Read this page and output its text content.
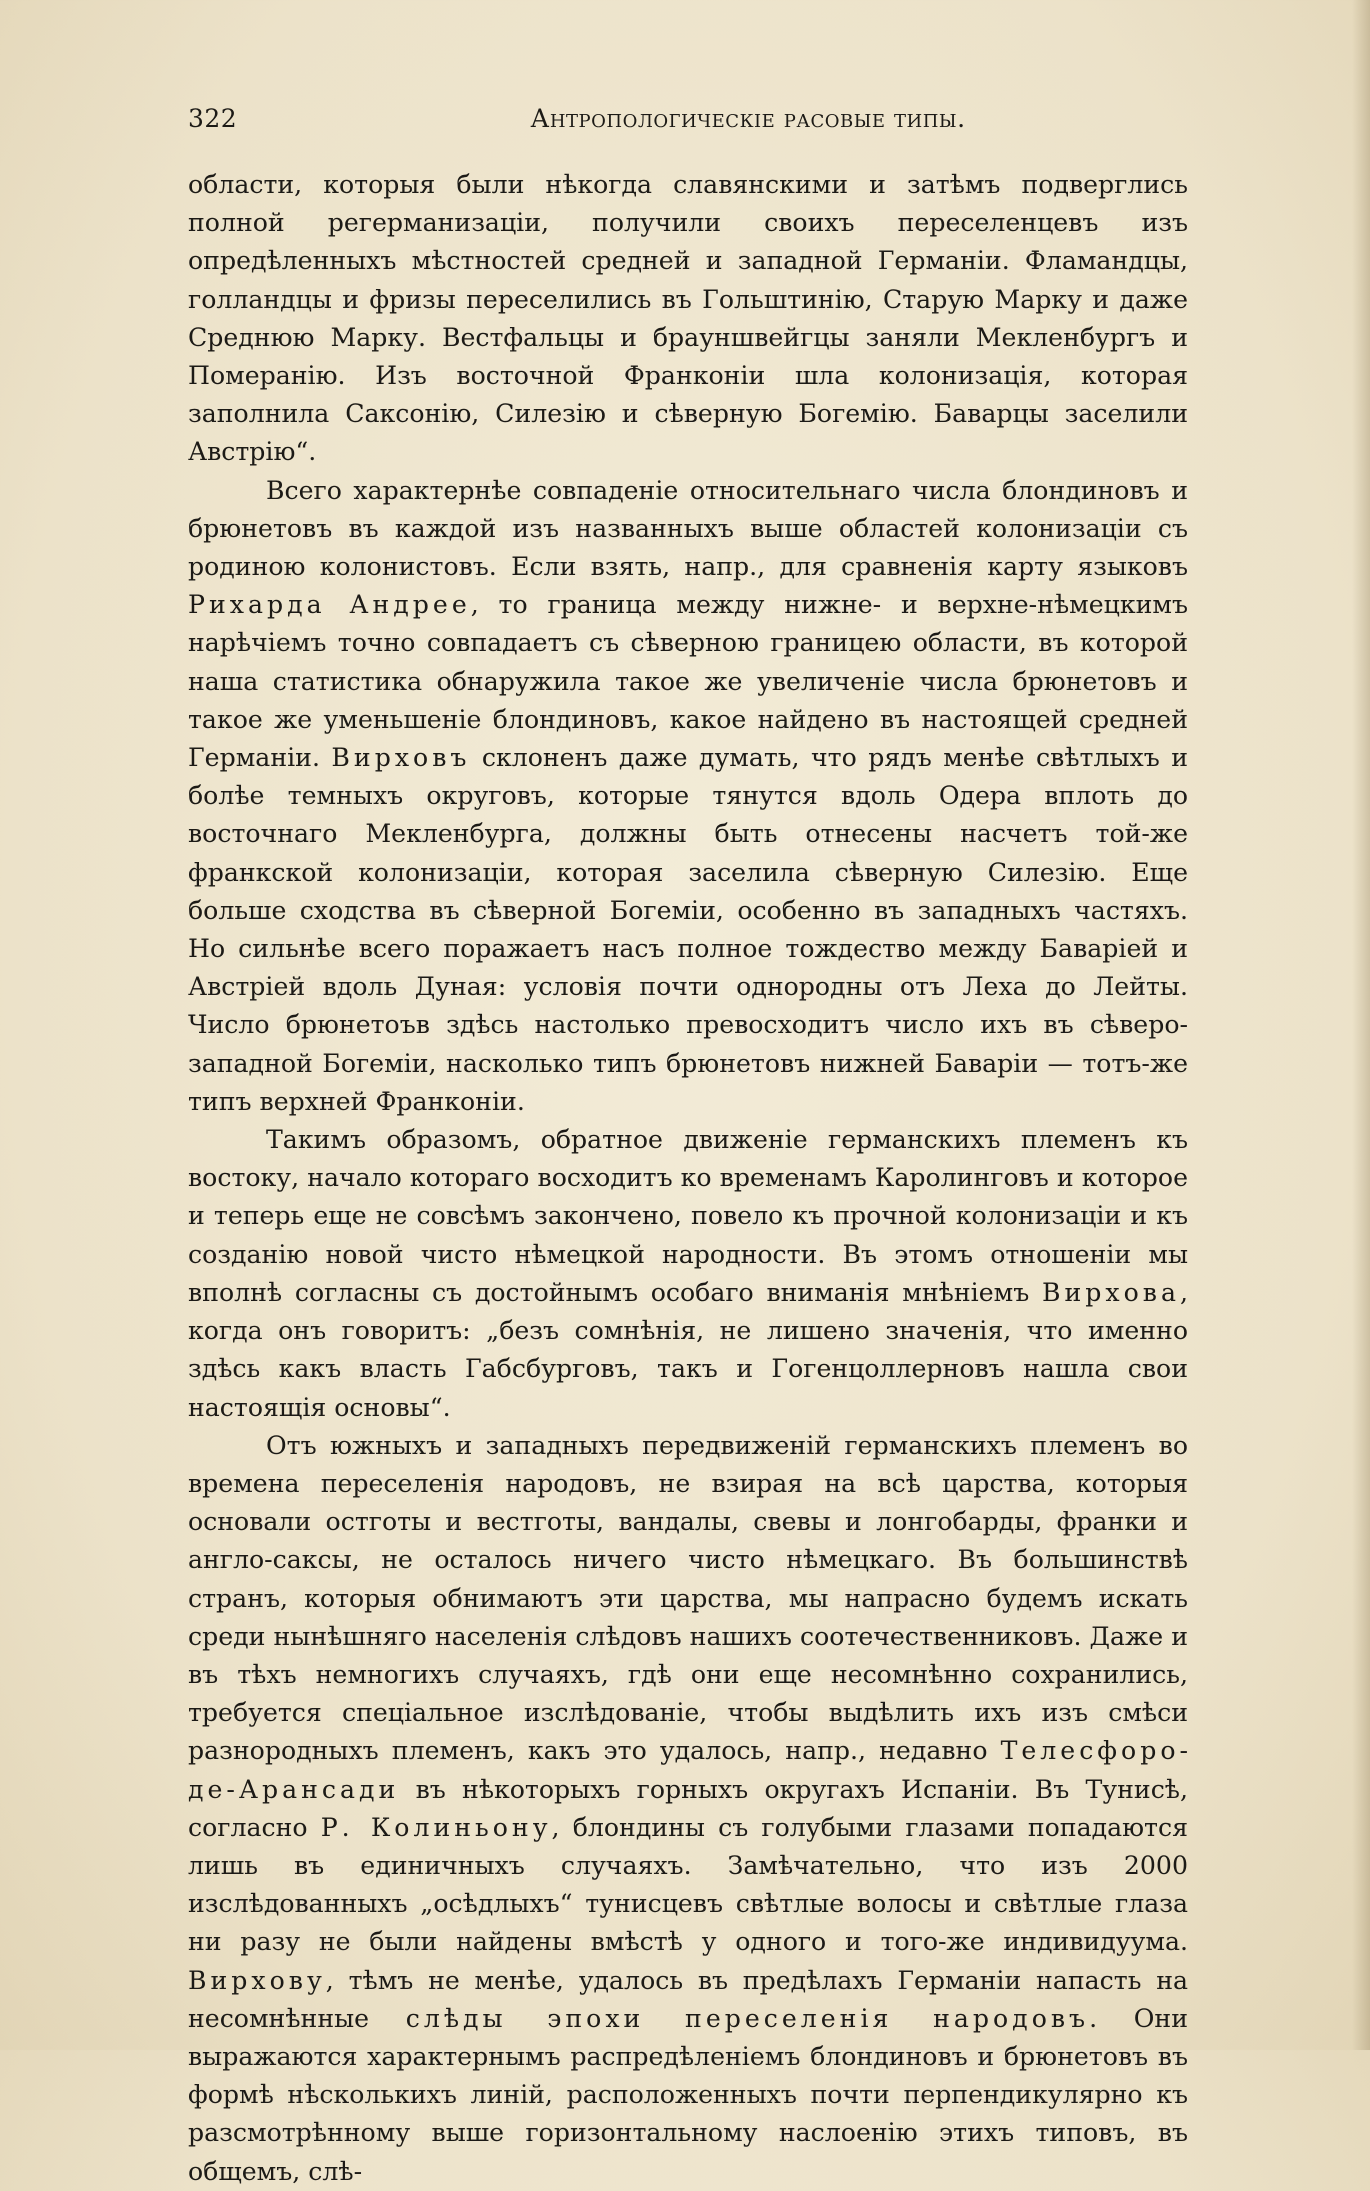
322	Антропологическiе расовые типы.

области, которыя были нѣкогда славянскими и затѣмъ подверглись полной регерманизацiи, получили своихъ переселенцевъ изъ опредѣленныхъ мѣстностей средней и западной Германiи. Фламандцы, голландцы и фризы переселились въ Гольштинiю, Старую Марку и даже Среднюю Марку. Вестфальцы и брауншвейгцы заняли Мекленбургъ и Померанiю. Изъ восточной Франконiи шла колонизацiя, которая заполнила Саксонiю, Силезiю и сѣверную Богемiю. Баварцы заселили Австрiю“.

Всего характернѣе совпаденiе относительнаго числа блондиновъ и брюнетовъ въ каждой изъ названныхъ выше областей колонизацiи съ родиною колонистовъ. Если взять, напр., для сравненiя карту языковъ Рихарда Андрее, то граница между нижне- и верхне-нѣмецкимъ нарѣчiемъ точно совпадаетъ съ сѣверною границею области, въ которой наша статистика обнаружила такое же увеличенiе числа брюнетовъ и такое же уменьшенiе блондиновъ, какое найдено въ настоящей средней Германiи. Вирховъ склоненъ даже думать, что рядъ менѣе свѣтлыхъ и болѣе темныхъ округовъ, которые тянутся вдоль Одера вплоть до восточнаго Мекленбурга, должны быть отнесены насчетъ той-же франкской колонизацiи, которая заселила сѣверную Силезiю. Еще больше сходства въ сѣверной Богемiи, особенно въ западныхъ частяхъ. Но сильнѣе всего поражаетъ насъ полное тождество между Баварiей и Австрiей вдоль Дуная: условiя почти однородны отъ Леха до Лейты. Число брюнетоъв здѣсь настолько превосходитъ число ихъ въ сѣверо-западной Богемiи, насколько типъ брюнетовъ нижней Баварiи — тотъ-же типъ верхней Франконiи.

Такимъ образомъ, обратное движенiе германскихъ племенъ къ востоку, начало котораго восходитъ ко временамъ Каролинговъ и которое и теперь еще не совсѣмъ закончено, повело къ прочной колонизацiи и къ созданiю новой чисто нѣмецкой народности. Въ этомъ отношенiи мы вполнѣ согласны съ достойнымъ особаго вниманiя мнѣнiемъ Вирхова, когда онъ говоритъ: „безъ сомнѣнiя, не лишено значенiя, что именно здѣсь какъ власть Габсбурговъ, такъ и Гогенцоллерновъ нашла свои настоящiя основы“.

Отъ южныхъ и западныхъ передвиженiй германскихъ племенъ во времена переселенiя народовъ, не взирая на всѣ царства, которыя основали остготы и вестготы, вандалы, свевы и лонгобарды, франки и англо-саксы, не осталось ничего чисто нѣмецкаго. Въ большинствѣ странъ, которыя обнимаютъ эти царства, мы напрасно будемъ искать среди нынѣшняго населенiя слѣдовъ нашихъ соотечественниковъ. Даже и въ тѣхъ немногихъ случаяхъ, гдѣ они еще несомнѣнно сохранились, требуется спецiальное изслѣдованiе, чтобы выдѣлить ихъ изъ смѣси разнородныхъ племенъ, какъ это удалось, напр., недавно Телесфороде-Арансади въ нѣкоторыхъ горныхъ округахъ Испанiи. Въ Тунисѣ, согласно Р. Колиньону, блондины съ голубыми глазами попадаются лишь въ единичныхъ случаяхъ. Замѣчательно, что изъ 2000 изслѣдованныхъ „осѣдлыхъ“ тунисцевъ свѣтлые волосы и свѣтлые глаза ни разу не были найдены вмѣстѣ у одного и того-же индивидуума. Вирхову, тѣмъ не менѣе, удалось въ предѣлахъ Германiи напасть на несомнѣнные слѣды эпохи переселенiя народовъ. Они выражаются характернымъ распредѣленiемъ блондиновъ и брюнетовъ въ формѣ нѣсколькихъ линiй, расположенныхъ почти перпендикулярно къ разсмотрѣнному выше горизонтальному наслоенiю этихъ типовъ, въ общемъ, слѣ-
